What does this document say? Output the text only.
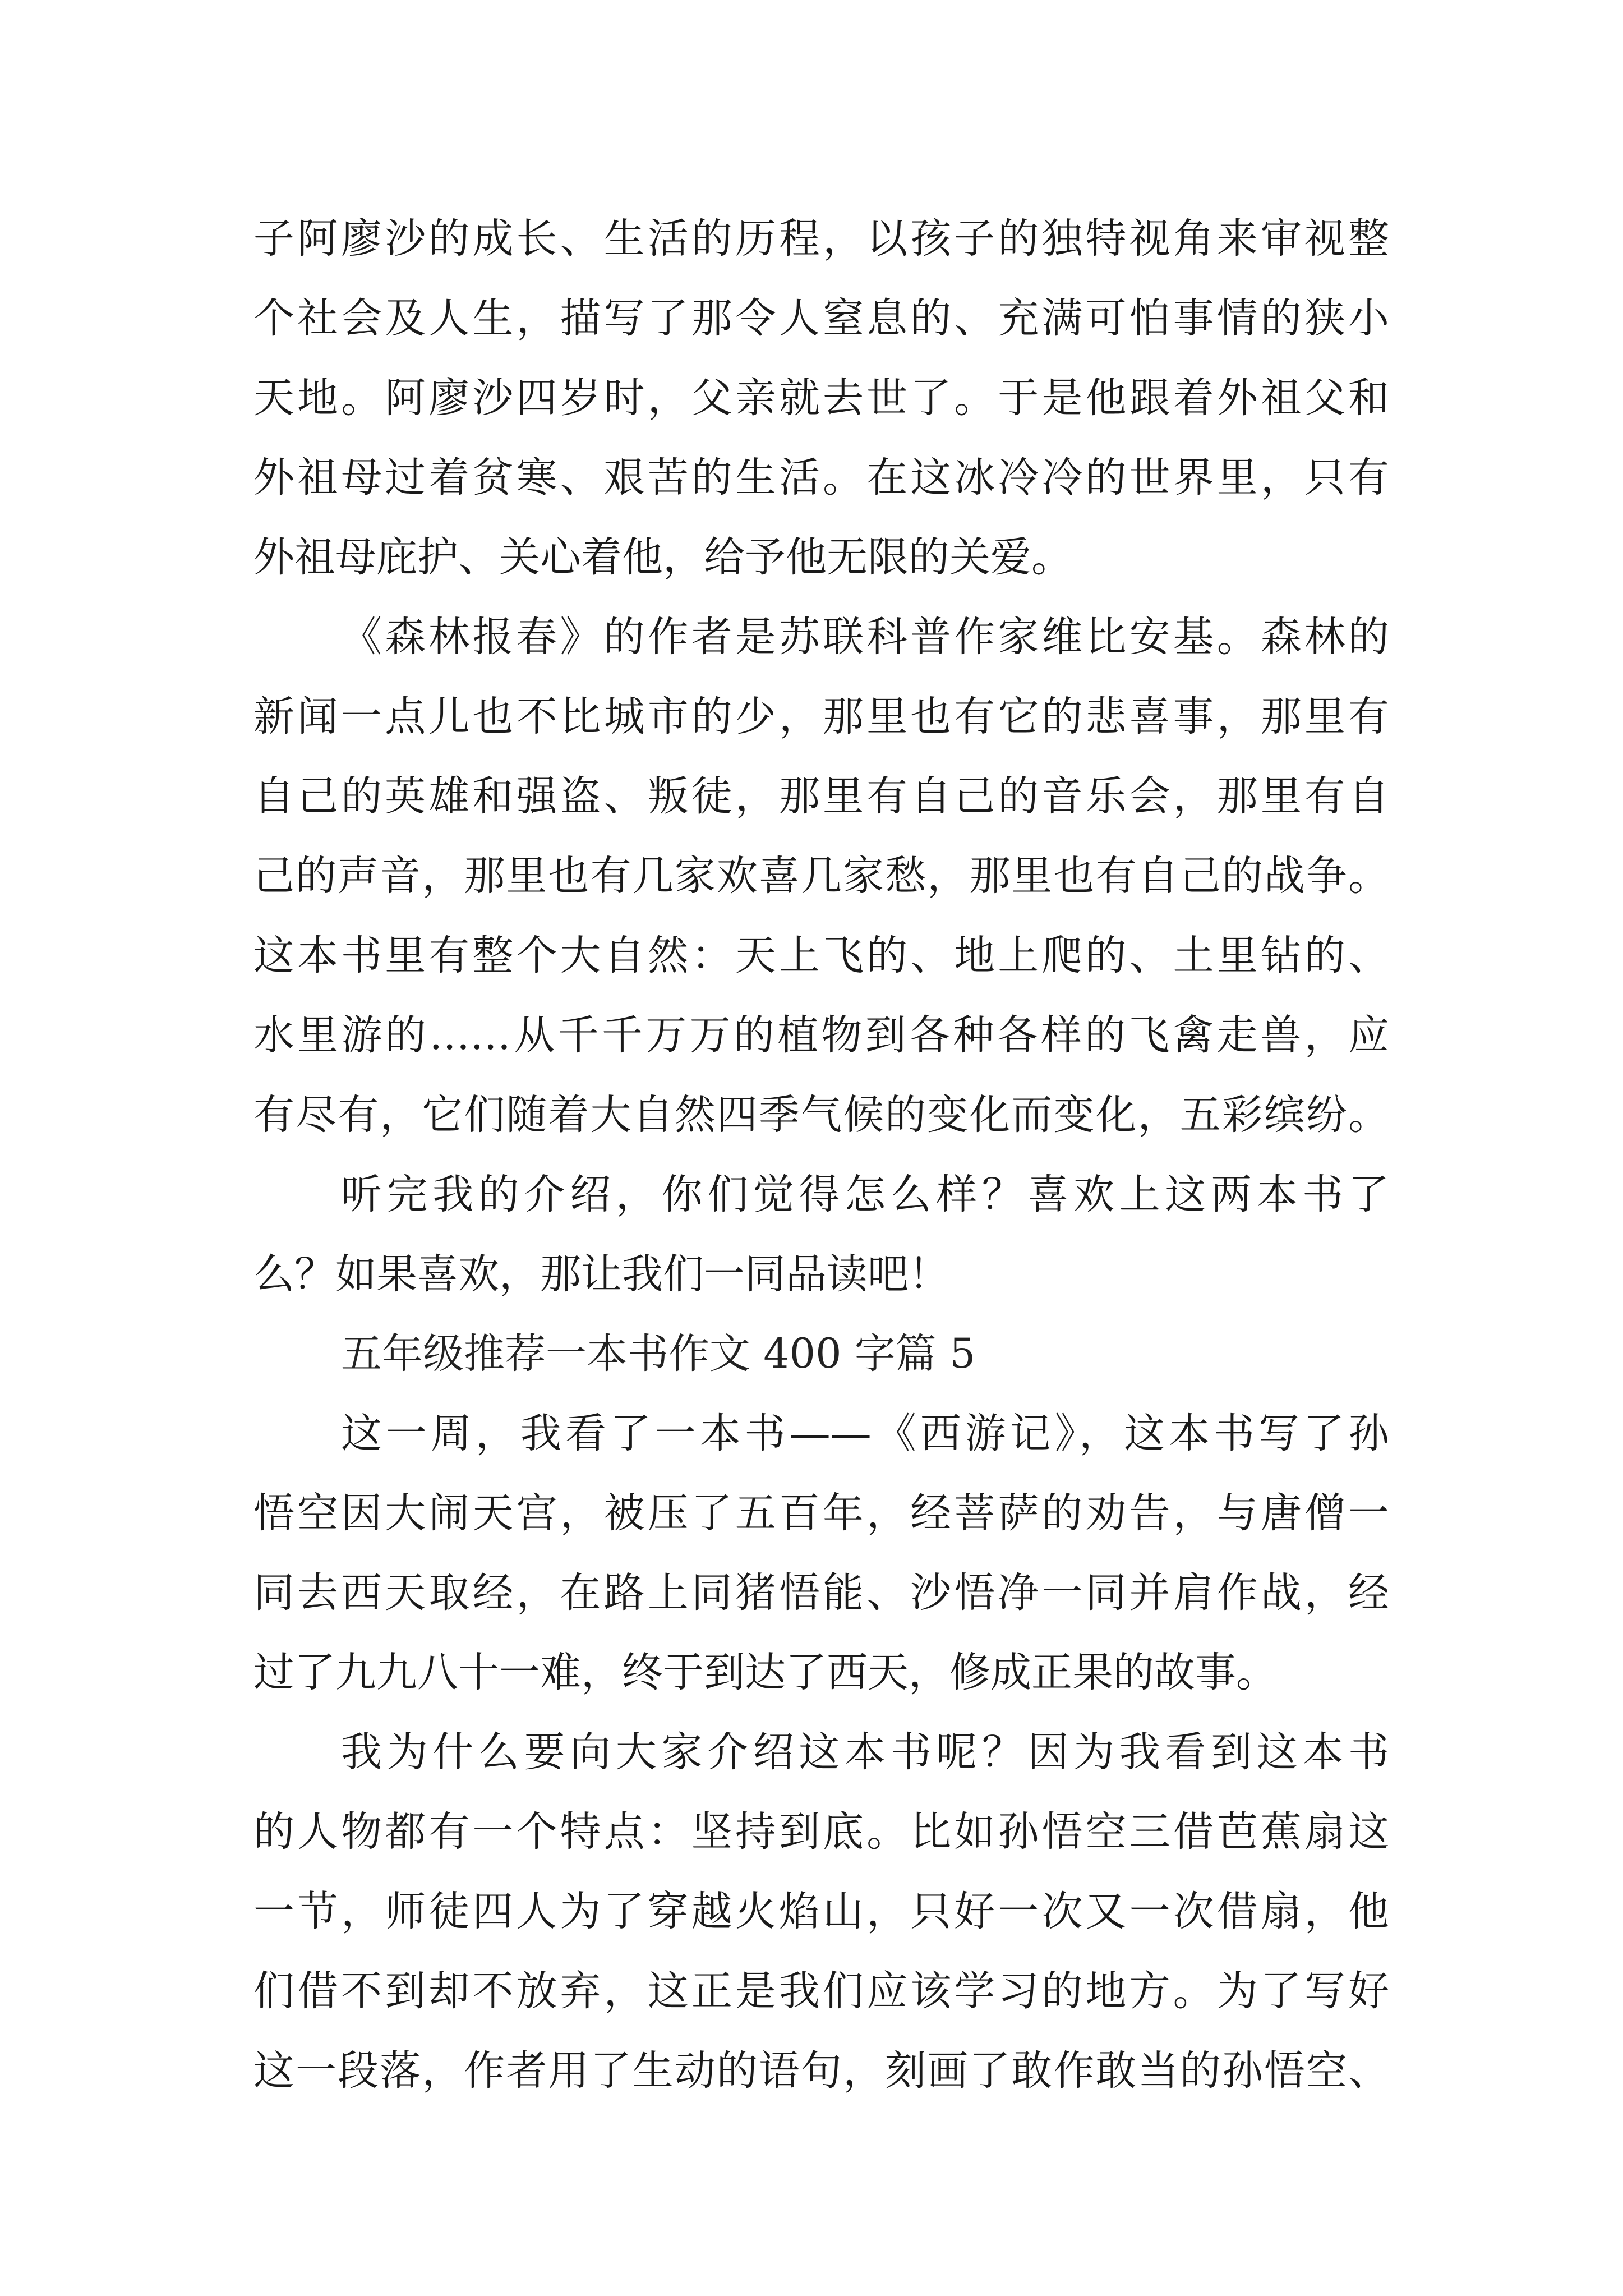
子阿廖沙的成长、生活的历程，以孩子的独特视角来审视整
个社会及人生，描写了那令人窒息的、充满可怕事情的狭小
天地。阿廖沙四岁时，父亲就去世了。于是他跟着外祖父和
外祖母过着贫寒、艰苦的生活。在这冰冷冷的世界里，只有
外祖母庇护、关心着他，给予他无限的关爱。
《森林报春》的作者是苏联科普作家维比安基。森林的
新闻一点儿也不比城市的少，那里也有它的悲喜事，那里有
自己的英雄和强盗、叛徒，那里有自己的音乐会，那里有自
己的声音，那里也有几家欢喜几家愁，那里也有自己的战争。
这本书里有整个大自然：天上飞的、地上爬的、土里钻的、
水里游的……从千千万万的植物到各种各样的飞禽走兽，应
有尽有，它们随着大自然四季气候的变化而变化，五彩缤纷。
听完我的介绍，你们觉得怎么样？喜欢上这两本书了
么？如果喜欢，那让我们一同品读吧！
五年级推荐一本书作文 400 字篇 5
这一周，我看了一本书——《西游记》，这本书写了孙
悟空因大闹天宫，被压了五百年，经菩萨的劝告，与唐僧一
同去西天取经，在路上同猪悟能、沙悟净一同并肩作战，经
过了九九八十一难，终于到达了西天，修成正果的故事。
我为什么要向大家介绍这本书呢？因为我看到这本书
的人物都有一个特点：坚持到底。比如孙悟空三借芭蕉扇这
一节，师徒四人为了穿越火焰山，只好一次又一次借扇，他
们借不到却不放弃，这正是我们应该学习的地方。为了写好
这一段落，作者用了生动的语句，刻画了敢作敢当的孙悟空、
